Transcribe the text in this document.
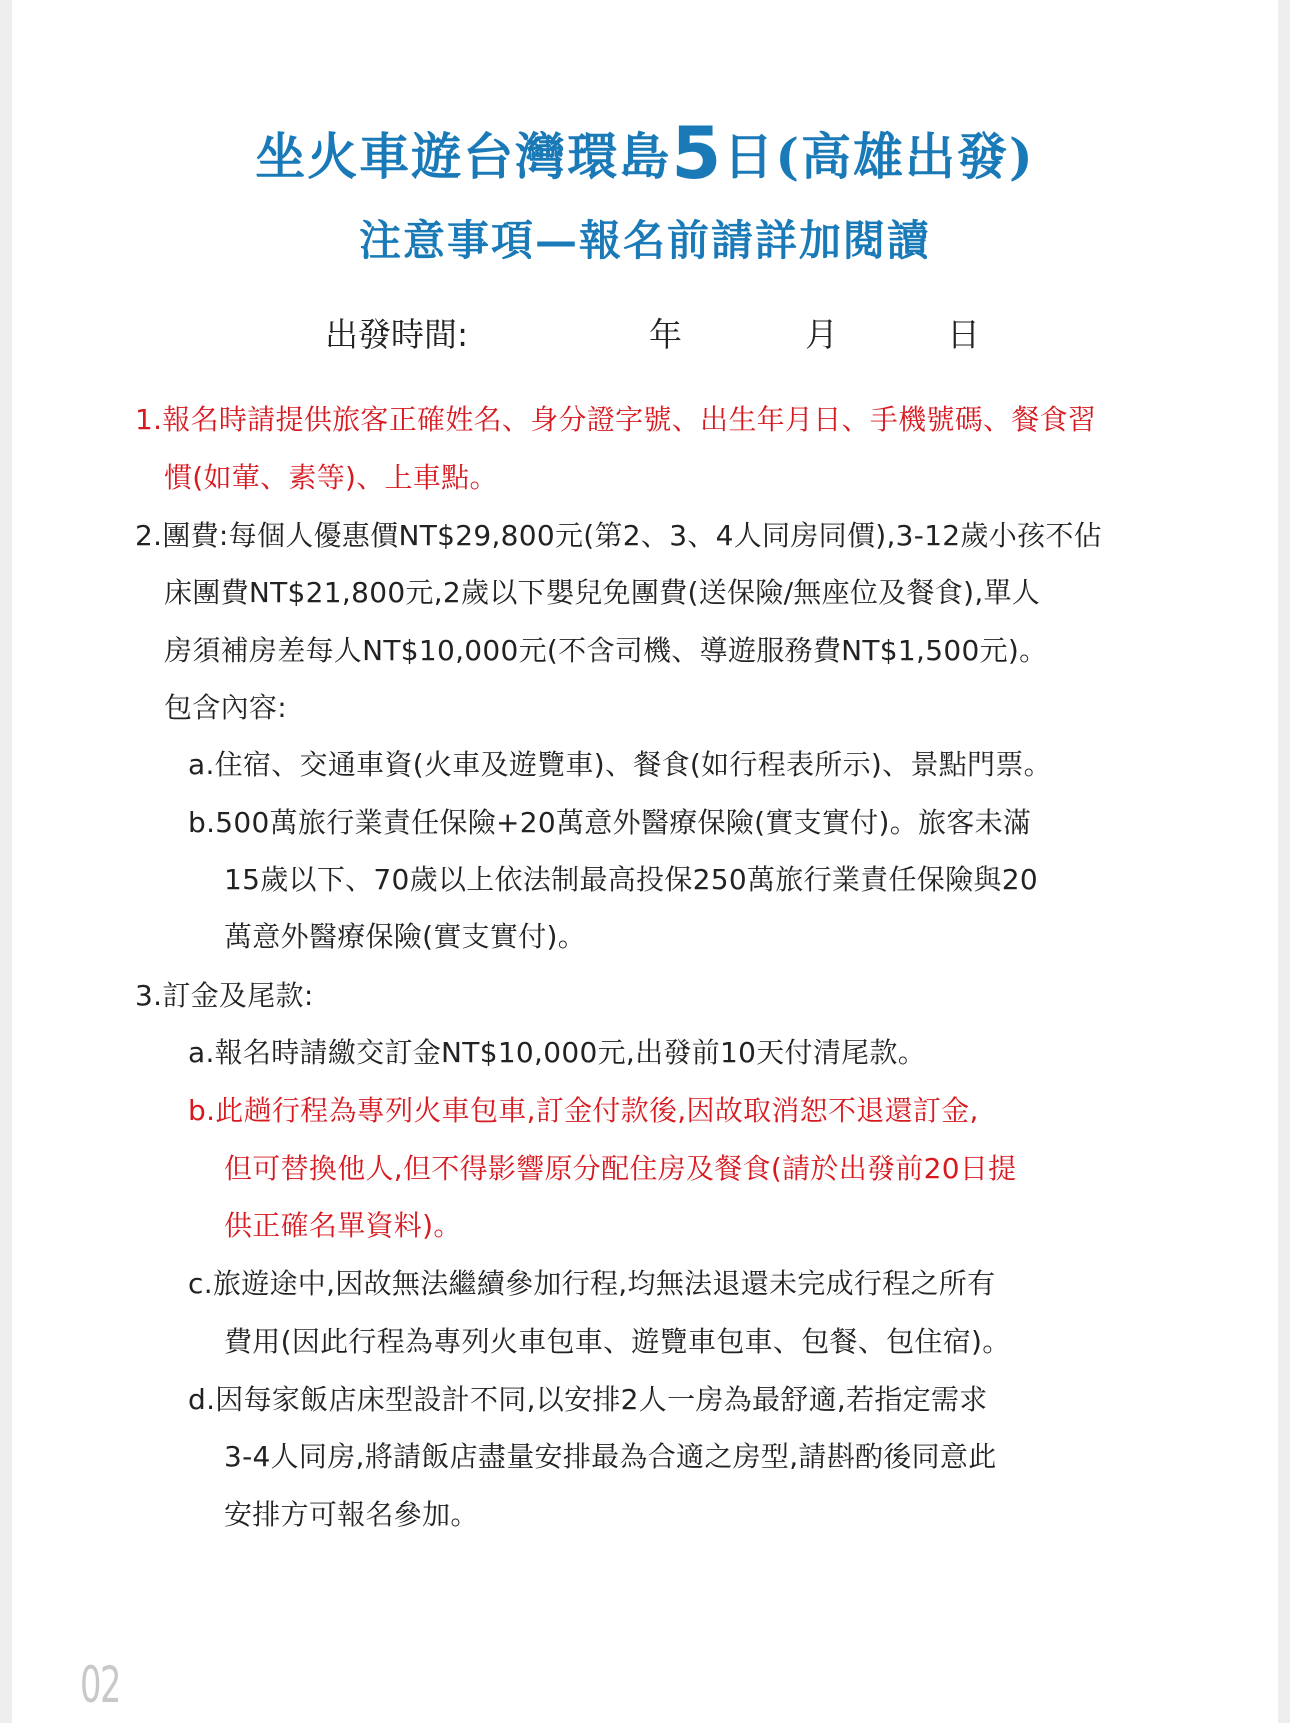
坐火車遊台灣環島5日(高雄出發)
注意事項—報名前請詳加閱讀
出發時間:	年	月	日
1.報名時請提供旅客正確姓名、身分證字號、出生年月日、手機號碼、餐食習
慣(如葷、素等)、上車點。
2.團費:每個人優惠價NT$29,800元(第2、3、4人同房同價),3-12歲小孩不佔
床團費NT$21,800元,2歲以下嬰兒免團費(送保險/無座位及餐食),單人
房須補房差每人NT$10,000元(不含司機、導遊服務費NT$1,500元)。
包含內容:
a.住宿、交通車資(火車及遊覽車)、餐食(如行程表所示)、景點門票。
b.500萬旅行業責任保險+20萬意外醫療保險(實支實付)。旅客未滿
15歲以下、70歲以上依法制最高投保250萬旅行業責任保險與20
萬意外醫療保險(實支實付)。
3.訂金及尾款:
a.報名時請繳交訂金NT$10,000元,出發前10天付清尾款。
b.此趟行程為專列火車包車,訂金付款後,因故取消恕不退還訂金,
但可替換他人,但不得影響原分配住房及餐食(請於出發前20日提
供正確名單資料)。
c.旅遊途中,因故無法繼續參加行程,均無法退還未完成行程之所有
費用(因此行程為專列火車包車、遊覽車包車、包餐、包住宿)。
d.因每家飯店床型設計不同,以安排2人一房為最舒適,若指定需求
3-4人同房,將請飯店盡量安排最為合適之房型,請斟酌後同意此
安排方可報名參加。
02
